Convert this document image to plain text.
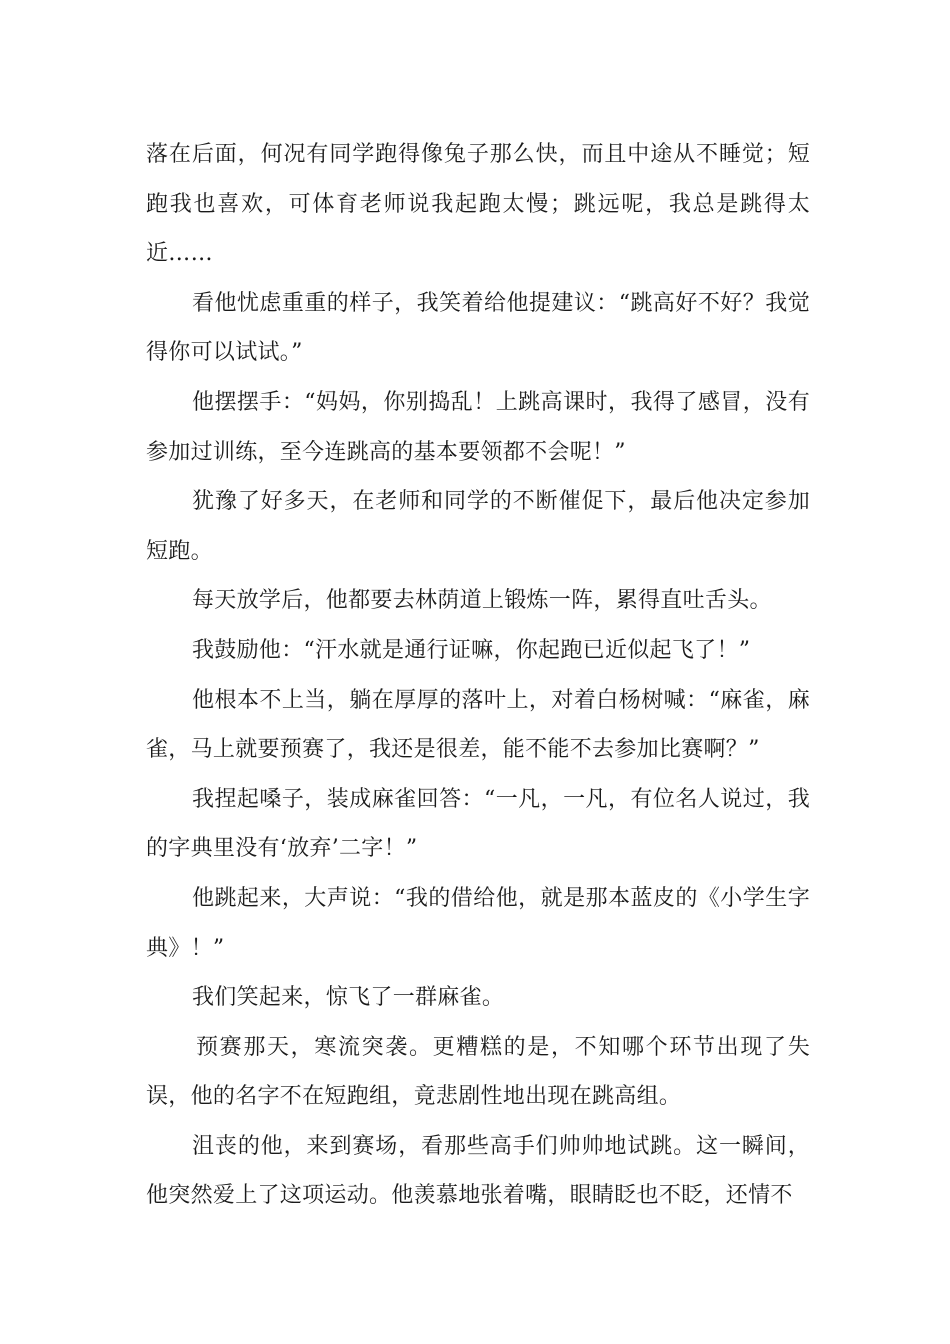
落在后面，何况有同学跑得像兔子那么快，而且中途从不睡觉；短跑我也喜欢，可体育老师说我起跑太慢；跳远呢，我总是跳得太近……

看他忧虑重重的样子，我笑着给他提建议：“跳高好不好？我觉得你可以试试。”

他摆摆手：“妈妈，你别捣乱！上跳高课时，我得了感冒，没有参加过训练，至今连跳高的基本要领都不会呢！”

犹豫了好多天，在老师和同学的不断催促下，最后他决定参加短跑。

每天放学后，他都要去林荫道上锻炼一阵，累得直吐舌头。

我鼓励他：“汗水就是通行证嘛，你起跑已近似起飞了！”

他根本不上当，躺在厚厚的落叶上，对着白杨树喊：“麻雀，麻雀，马上就要预赛了，我还是很差，能不能不去参加比赛啊？”

我捏起嗓子，装成麻雀回答：“一凡，一凡，有位名人说过，我的字典里没有‘放弃’二字！”

他跳起来，大声说：“我的借给他，就是那本蓝皮的《小学生字典》！”

我们笑起来，惊飞了一群麻雀。

预赛那天，寒流突袭。更糟糕的是，不知哪个环节出现了失误，他的名字不在短跑组，竟悲剧性地出现在跳高组。

沮丧的他，来到赛场，看那些高手们帅帅地试跳。这一瞬间，他突然爱上了这项运动。他羡慕地张着嘴，眼睛眨也不眨，还情不
